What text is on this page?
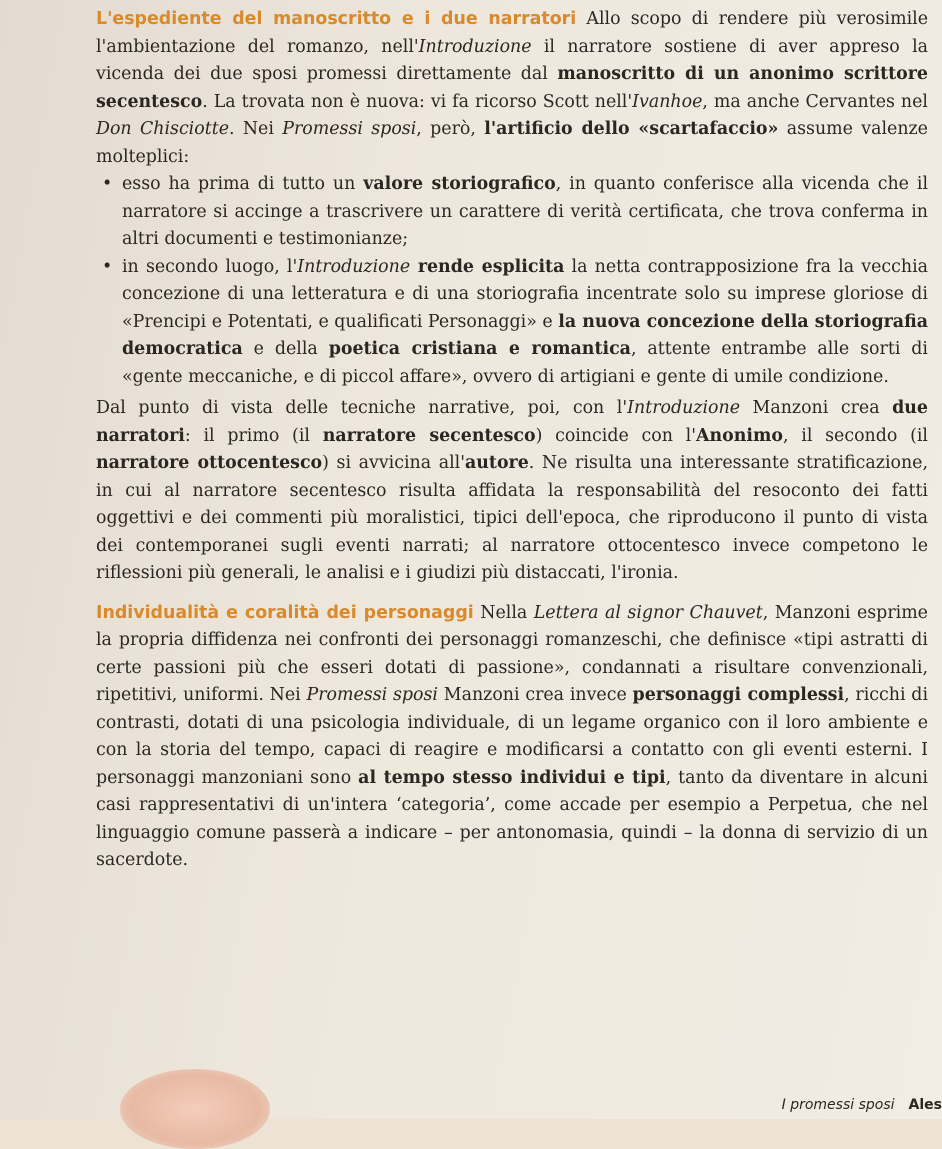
L'espediente del manoscritto e i due narratori Allo scopo di rendere più verosimile l'ambientazione del romanzo, nell'Introduzione il narratore sostiene di aver appreso la vicenda dei due sposi promessi direttamente dal manoscritto di un anonimo scrittore secentesco. La trovata non è nuova: vi fa ricorso Scott nell'Ivanhoe, ma anche Cervantes nel Don Chisciotte. Nei Promessi sposi, però, l'artificio dello «scartafaccio» assume valenze molteplici:

• esso ha prima di tutto un valore storiografico, in quanto conferisce alla vicenda che il narratore si accinge a trascrivere un carattere di verità certificata, che trova conferma in altri documenti e testimonianze;
• in secondo luogo, l'Introduzione rende esplicita la netta contrapposizione fra la vecchia concezione di una letteratura e di una storiografia incentrate solo su imprese gloriose di «Prencipi e Potentati, e qualificati Personaggi» e la nuova concezione della storiografia democratica e della poetica cristiana e romantica, attente entrambe alle sorti di «gente meccaniche, e di piccol affare», ovvero di artigiani e gente di umile condizione.

Dal punto di vista delle tecniche narrative, poi, con l'Introduzione Manzoni crea due narratori: il primo (il narratore secentesco) coincide con l'Anonimo, il secondo (il narratore ottocentesco) si avvicina all'autore. Ne risulta una interessante stratificazione, in cui al narratore secentesco risulta affidata la responsabilità del resoconto dei fatti oggettivi e dei commenti più moralistici, tipici dell'epoca, che riproducono il punto di vista dei contemporanei sugli eventi narrati; al narratore ottocentesco invece competono le riflessioni più generali, le analisi e i giudizi più distaccati, l'ironia.

Individualità e coralità dei personaggi Nella Lettera al signor Chauvet, Manzoni esprime la propria diffidenza nei confronti dei personaggi romanzeschi, che definisce «tipi astratti di certe passioni più che esseri dotati di passione», condannati a risultare convenzionali, ripetitivi, uniformi. Nei Promessi sposi Manzoni crea invece personaggi complessi, ricchi di contrasti, dotati di una psicologia individuale, di un legame organico con il loro ambiente e con la storia del tempo, capaci di reagire e modificarsi a contatto con gli eventi esterni. I personaggi manzoniani sono al tempo stesso individui e tipi, tanto da diventare in alcuni casi rappresentativi di un'intera ‘categoria’, come accade per esempio a Perpetua, che nel linguaggio comune passerà a indicare – per antonomasia, quindi – la donna di servizio di un sacerdote.

I promessi sposi Ales
